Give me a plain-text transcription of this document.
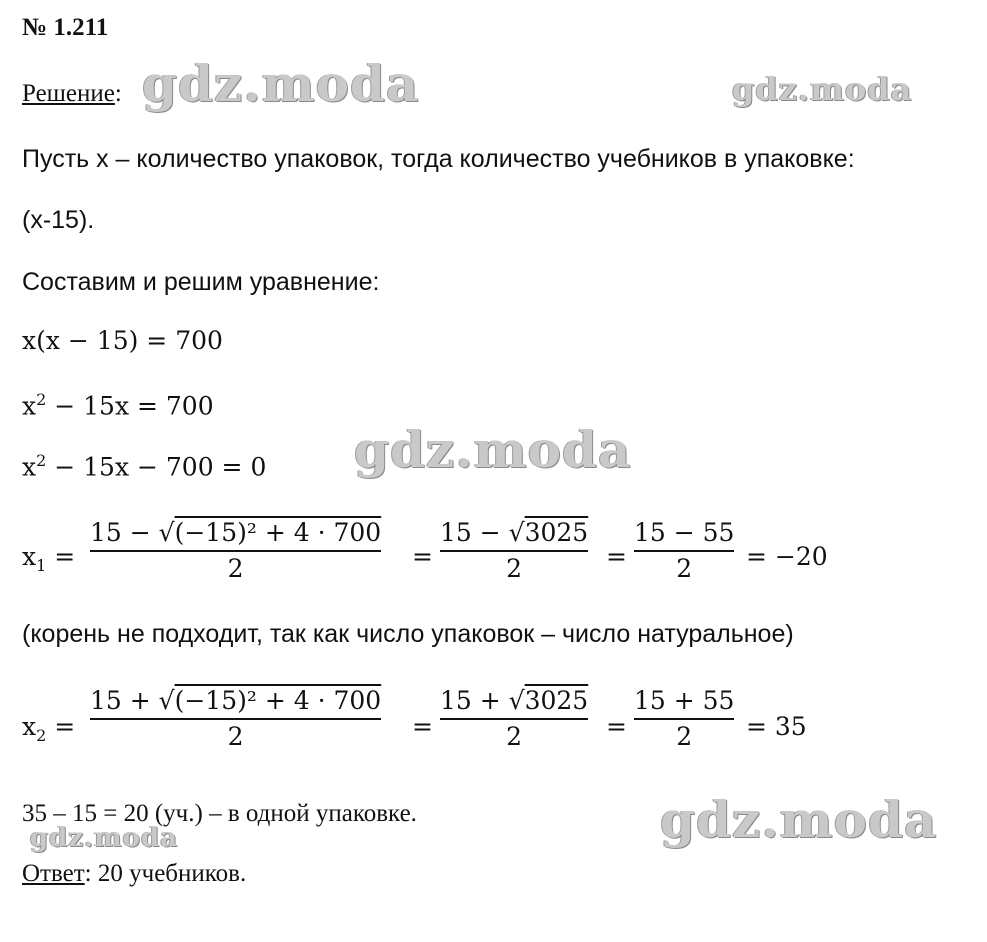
№ 1.211
Решение: gdz.moda	gdz.moda
gdz.moda
gdz.moda
gdz.moda
Пусть x – количество упаковок, тогда количество учебников в упаковке:
(x-15).
Составим и решим уравнение:
x(x − 15) = 700
$x^2 - 15x = 700$
$x^2 - 15x - 700 = 0$
$x_1$ =
15 − √(−15)² + 4 · 700
2	=
15 − √3025
2	=
15 − 55
2 = −20
(корень не подходит, так как число упаковок – число натуральное)
$x_2$ =
15 + √(−15)² + 4 · 700
2	=
15 + √3025
2	=
15 + 55
2 = 35
35 – 15 = 20 (уч.) – в одной упаковке.
Ответ: 20 учебников.
